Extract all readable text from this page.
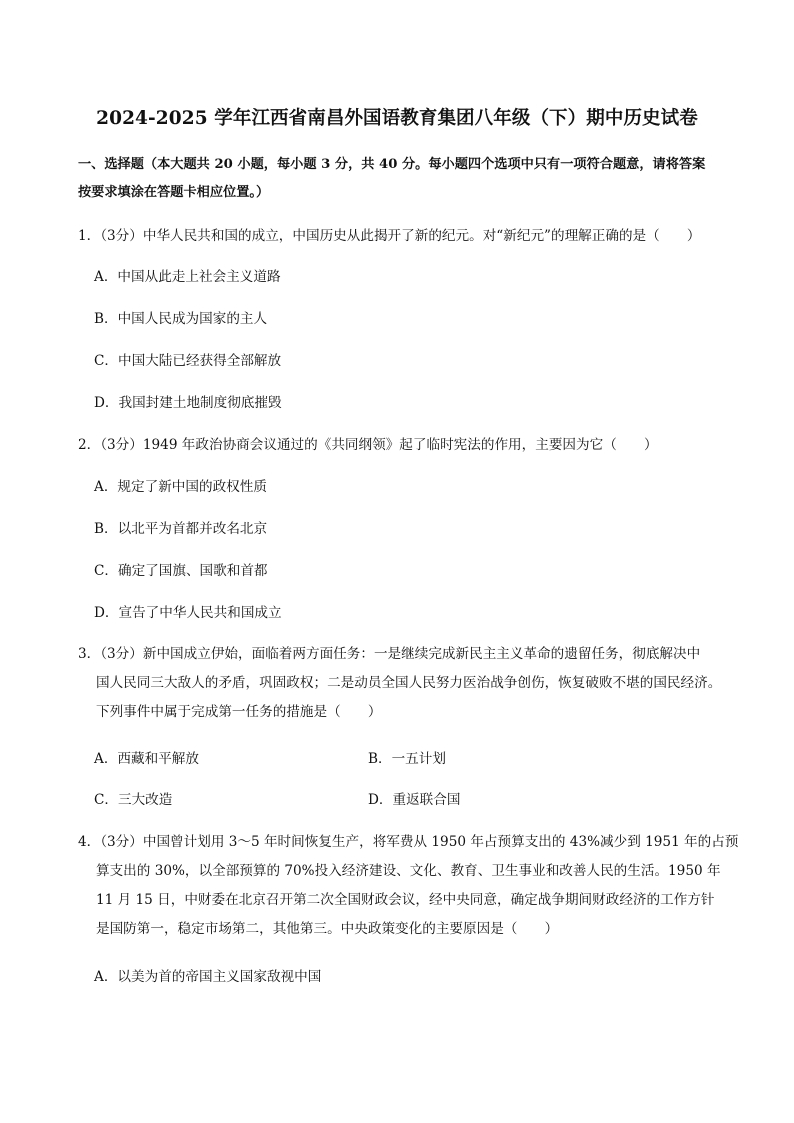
2024-2025 学年江西省南昌外国语教育集团八年级（下）期中历史试卷
一、选择题（本大题共 20 小题，每小题 3 分，共 40 分。每小题四个选项中只有一项符合题意，请将答案
按要求填涂在答题卡相应位置。）
1．（3分）中华人民共和国的成立，中国历史从此揭开了新的纪元。对“新纪元”的理解正确的是（　　）
A．中国从此走上社会主义道路
B．中国人民成为国家的主人
C．中国大陆已经获得全部解放
D．我国封建土地制度彻底摧毁
2．（3分）1949 年政治协商会议通过的《共同纲领》起了临时宪法的作用，主要因为它（　　）
A．规定了新中国的政权性质
B．以北平为首都并改名北京
C．确定了国旗、国歌和首都
D．宣告了中华人民共和国成立
3．（3分）新中国成立伊始，面临着两方面任务：一是继续完成新民主主义革命的遗留任务，彻底解决中
国人民同三大敌人的矛盾，巩固政权；二是动员全国人民努力医治战争创伤，恢复破败不堪的国民经济。
下列事件中属于完成第一任务的措施是（　　）
A．西藏和平解放	B．一五计划
C．三大改造	D．重返联合国
4．（3分）中国曾计划用 3～5 年时间恢复生产，将军费从 1950 年占预算支出的 43%减少到 1951 年的占预
算支出的 30%，以全部预算的 70%投入经济建设、文化、教育、卫生事业和改善人民的生活。1950 年
11 月 15 日，中财委在北京召开第二次全国财政会议，经中央同意，确定战争期间财政经济的工作方针
是国防第一，稳定市场第二，其他第三。中央政策变化的主要原因是（　　）
A．以美为首的帝国主义国家敌视中国
